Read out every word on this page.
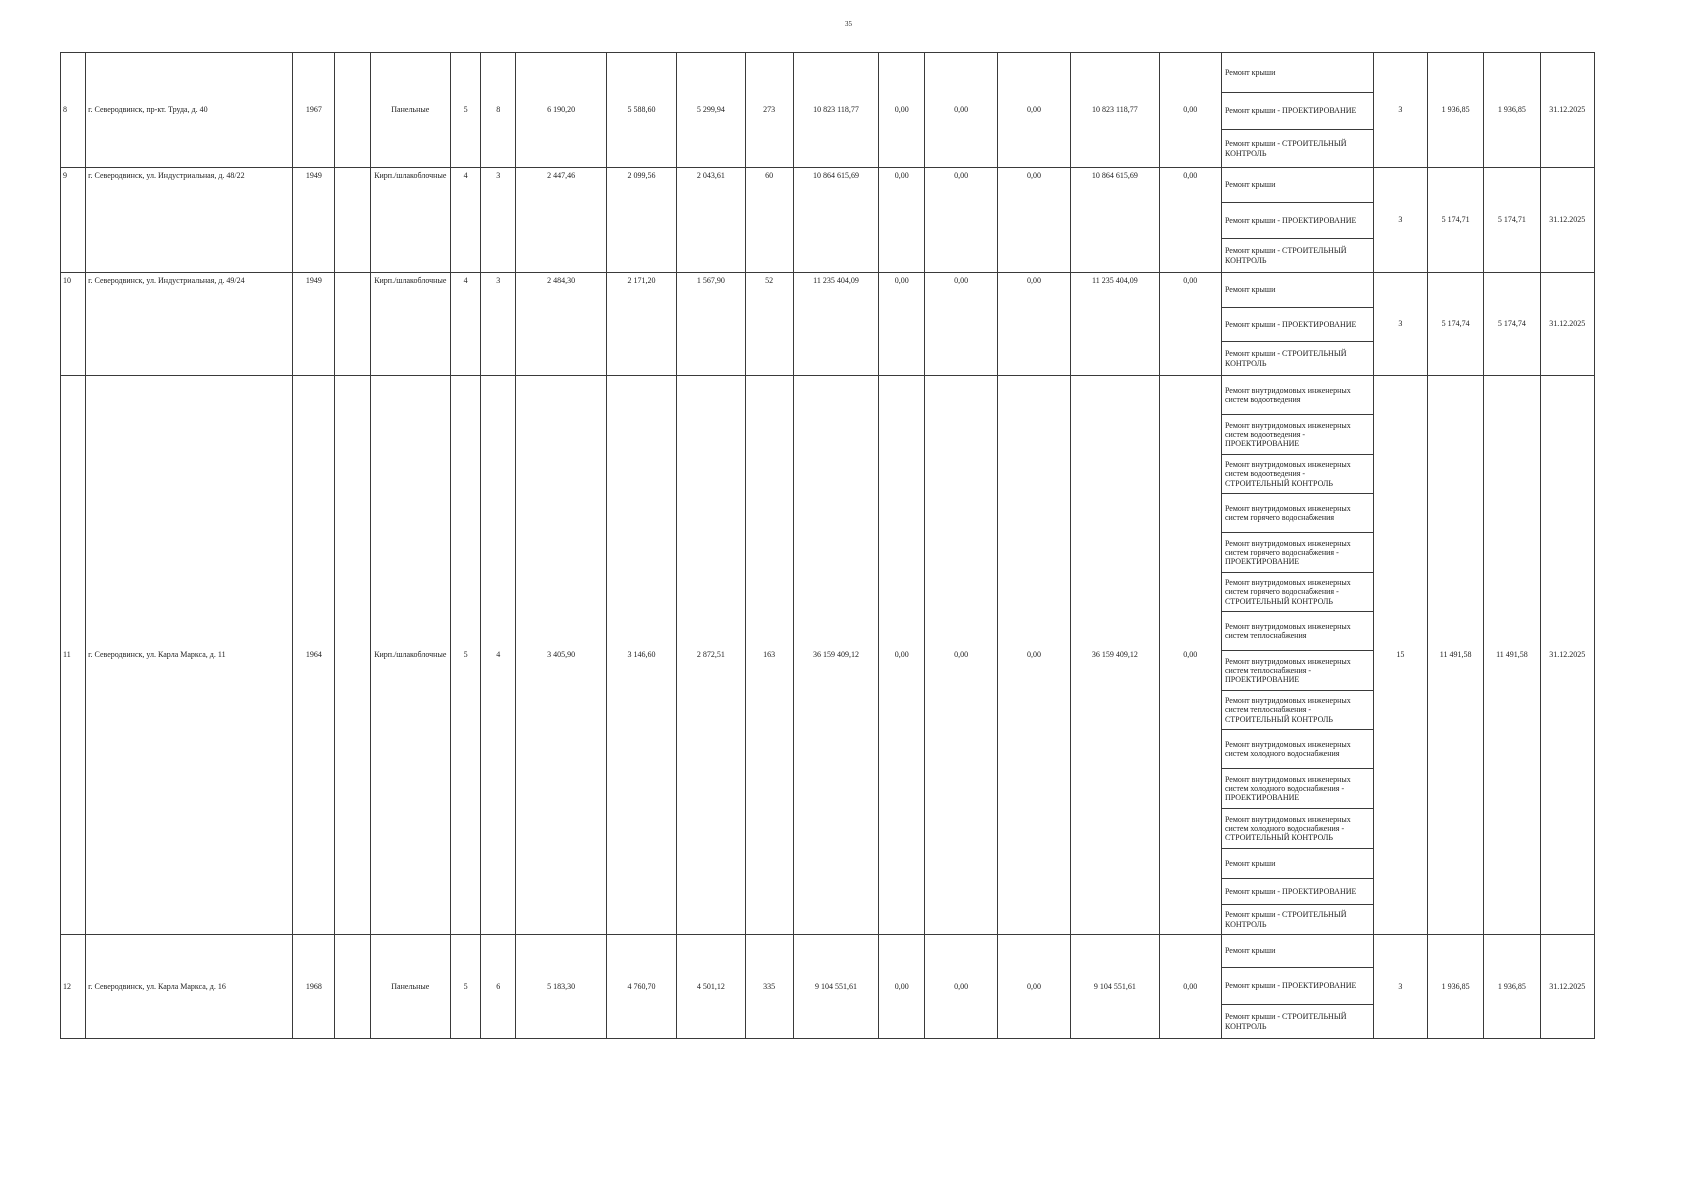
35
8	г. Северодвинск, пр-кт. Труда, д. 40	1967		Панельные	5	8	6 190,20	5 588,60	5 299,94	273	10 823 118,77	0,00	0,00	0,00	10 823 118,77	0,00	Ремонт крыши	3	1 936,85	1 936,85	31.12.2025
																	Ремонт крыши - ПРОЕКТИРОВАНИЕ				
																	Ремонт крыши - СТРОИТЕЛЬНЫЙ КОНТРОЛЬ				
9	г. Северодвинск, ул. Индустриальная, д. 48/22	1949		Кирп./шлакоблочные	4	3	2 447,46	2 099,56	2 043,61	60	10 864 615,69	0,00	0,00	0,00	10 864 615,69	0,00	Ремонт крыши	3	5 174,71	5 174,71	31.12.2025
																	Ремонт крыши - ПРОЕКТИРОВАНИЕ				
																	Ремонт крыши - СТРОИТЕЛЬНЫЙ КОНТРОЛЬ				
10	г. Северодвинск, ул. Индустриальная, д. 49/24	1949		Кирп./шлакоблочные	4	3	2 484,30	2 171,20	1 567,90	52	11 235 404,09	0,00	0,00	0,00	11 235 404,09	0,00	Ремонт крыши	3	5 174,74	5 174,74	31.12.2025
																	Ремонт крыши - ПРОЕКТИРОВАНИЕ				
																	Ремонт крыши - СТРОИТЕЛЬНЫЙ КОНТРОЛЬ				
11	г. Северодвинск, ул. Карла Маркса, д. 11	1964		Кирп./шлакоблочные	5	4	3 405,90	3 146,60	2 872,51	163	36 159 409,12	0,00	0,00	0,00	36 159 409,12	0,00	Ремонт внутридомовых инженерных систем водоотведения	15	11 491,58	11 491,58	31.12.2025
																	Ремонт внутридомовых инженерных систем водоотведения - ПРОЕКТИРОВАНИЕ				
																	Ремонт внутридомовых инженерных систем водоотведения - СТРОИТЕЛЬНЫЙ КОНТРОЛЬ				
																	Ремонт внутридомовых инженерных систем горячего водоснабжения				
																	Ремонт внутридомовых инженерных систем горячего водоснабжения - ПРОЕКТИРОВАНИЕ				
																	Ремонт внутридомовых инженерных систем горячего водоснабжения - СТРОИТЕЛЬНЫЙ КОНТРОЛЬ				
																	Ремонт внутридомовых инженерных систем теплоснабжения				
																	Ремонт внутридомовых инженерных систем теплоснабжения - ПРОЕКТИРОВАНИЕ				
																	Ремонт внутридомовых инженерных систем теплоснабжения - СТРОИТЕЛЬНЫЙ КОНТРОЛЬ				
																	Ремонт внутридомовых инженерных систем холодного водоснабжения				
																	Ремонт внутридомовых инженерных систем холодного водоснабжения - ПРОЕКТИРОВАНИЕ				
																	Ремонт внутридомовых инженерных систем холодного водоснабжения - СТРОИТЕЛЬНЫЙ КОНТРОЛЬ				
																	Ремонт крыши				
																	Ремонт крыши - ПРОЕКТИРОВАНИЕ				
																	Ремонт крыши - СТРОИТЕЛЬНЫЙ КОНТРОЛЬ				
12	г. Северодвинск, ул. Карла Маркса, д. 16	1968		Панельные	5	6	5 183,30	4 760,70	4 501,12	335	9 104 551,61	0,00	0,00	0,00	9 104 551,61	0,00	Ремонт крыши	3	1 936,85	1 936,85	31.12.2025
																	Ремонт крыши - ПРОЕКТИРОВАНИЕ				
																	Ремонт крыши - СТРОИТЕЛЬНЫЙ КОНТРОЛЬ				
